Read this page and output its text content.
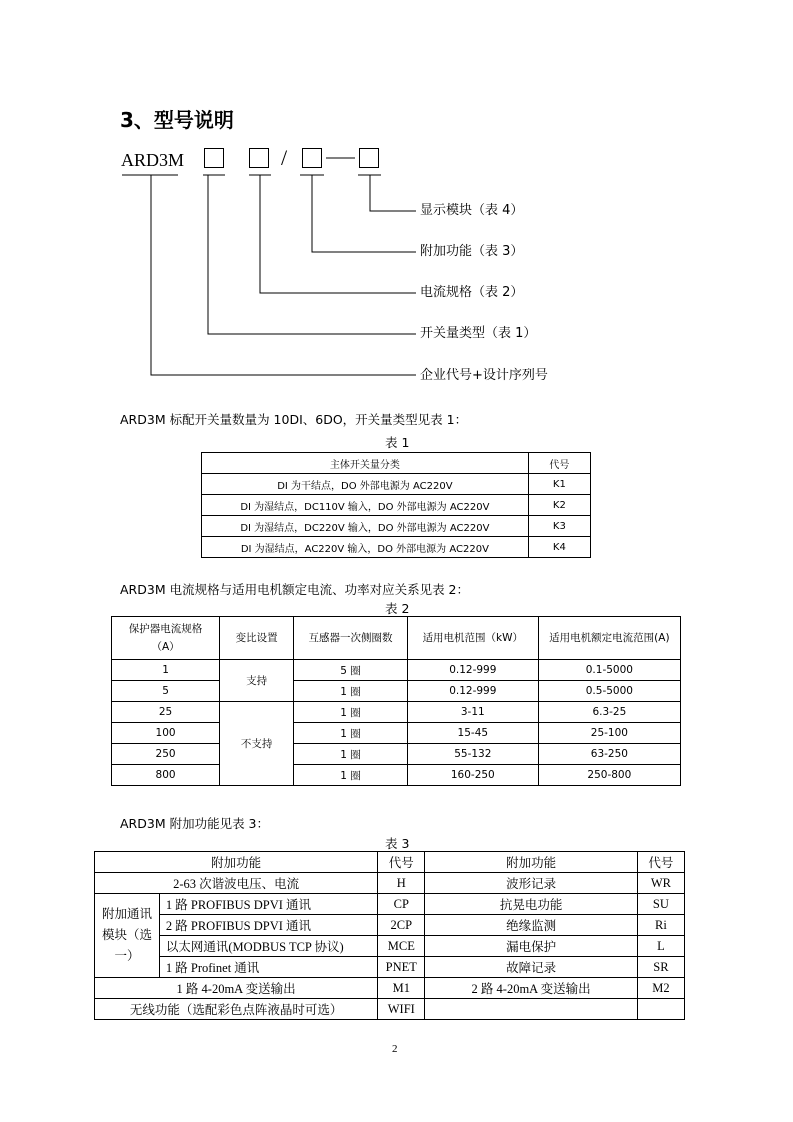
3、型号说明
ARD3M	/
显示模块（表 4）
附加功能（表 3）
电流规格（表 2）
开关量类型（表 1）
企业代号+设计序列号
ARD3M 标配开关量数量为 10DI、6DO，开关量类型见表 1：
表 1
主体开关量分类	代号
DI 为干结点，DO 外部电源为 AC220V	K1
DI 为湿结点，DC110V 输入，DO 外部电源为 AC220V	K2
DI 为湿结点，DC220V 输入，DO 外部电源为 AC220V	K3
DI 为湿结点，AC220V 输入，DO 外部电源为 AC220V	K4
ARD3M 电流规格与适用电机额定电流、功率对应关系见表 2：
表 2
保护器电流规格（A）	变比设置	互感器一次侧圈数	适用电机范围（kW）	适用电机额定电流范围(A)
1	支持	5 圈	0.12-999	0.1-5000
5		1 圈	0.12-999	0.5-5000
25	不支持	1 圈	3-11	6.3-25
100		1 圈	15-45	25-100
250		1 圈	55-132	63-250
800		1 圈	160-250	250-800
ARD3M 附加功能见表 3：
表 3
附加功能		代号	附加功能	代号
2-63 次谐波电压、电流		H	波形记录	WR
附加通讯模块（选一）	1 路 PROFIBUS DPVI 通讯	CP	抗晃电功能	SU
	2 路 PROFIBUS DPVI 通讯	2CP	绝缘监测	Ri
	以太网通讯(MODBUS TCP 协议)	MCE	漏电保护	L
	1 路 Profinet 通讯	PNET	故障记录	SR
1 路 4-20mA 变送输出		M1	2 路 4-20mA 变送输出	M2
无线功能（选配彩色点阵液晶时可选）		WIFI		
2
